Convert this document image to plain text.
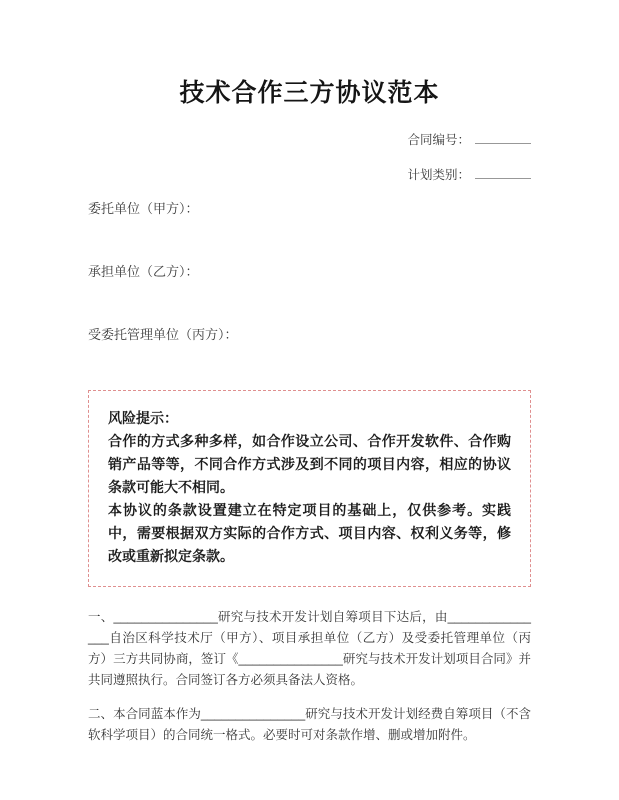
技术合作三方协议范本
合同编号：
计划类别：
委托单位（甲方）：
承担单位（乙方）：
受委托管理单位（丙方）：
风险提示：
合作的方式多种多样，如合作设立公司、合作开发软件、合作购销产品等等，不同合作方式涉及到不同的项目内容，相应的协议条款可能大不相同。
本协议的条款设置建立在特定项目的基础上，仅供参考。实践中，需要根据双方实际的合作方式、项目内容、权利义务等，修改或重新拟定条款。

一、_______________研究与技术开发计划自筹项目下达后，由_______________自治区科学技术厅（甲方）、项目承担单位（乙方）及受委托管理单位（丙方）三方共同协商，签订《_______________研究与技术开发计划项目合同》并共同遵照执行。合同签订各方必须具备法人资格。

二、本合同蓝本作为_______________研究与技术开发计划经费自筹项目（不含软科学项目）的合同统一格式。必要时可对条款作增、删或增加附件。
